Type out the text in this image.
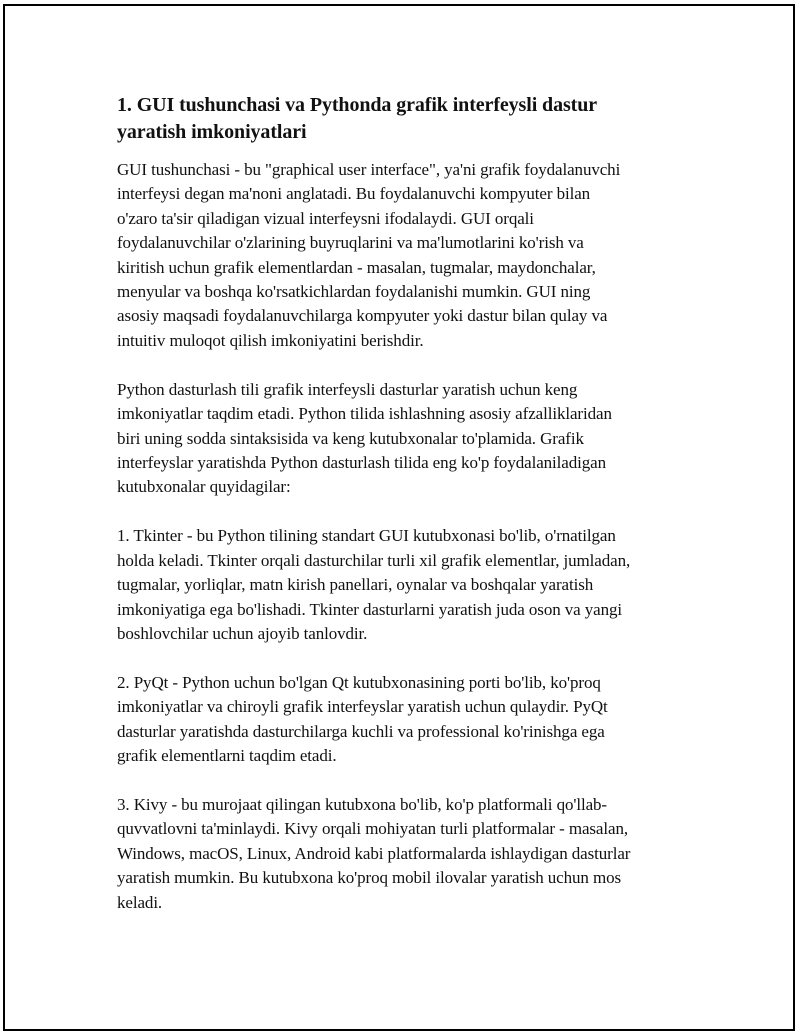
1. GUI tushunchasi va Pythonda grafik interfeysli dastur
yaratish imkoniyatlari
GUI tushunchasi - bu "graphical user interface", ya'ni grafik foydalanuvchi
interfeysi degan ma'noni anglatadi. Bu foydalanuvchi kompyuter bilan
o'zaro ta'sir qiladigan vizual interfeysni ifodalaydi. GUI orqali
foydalanuvchilar o'zlarining buyruqlarini va ma'lumotlarini ko'rish va
kiritish uchun grafik elementlardan - masalan, tugmalar, maydonchalar,
menyular va boshqa ko'rsatkichlardan foydalanishi mumkin. GUI ning
asosiy maqsadi foydalanuvchilarga kompyuter yoki dastur bilan qulay va
intuitiv muloqot qilish imkoniyatini berishdir.
Python dasturlash tili grafik interfeysli dasturlar yaratish uchun keng
imkoniyatlar taqdim etadi. Python tilida ishlashning asosiy afzalliklaridan
biri uning sodda sintaksisida va keng kutubxonalar to'plamida. Grafik
interfeyslar yaratishda Python dasturlash tilida eng ko'p foydalaniladigan
kutubxonalar quyidagilar:
1. Tkinter - bu Python tilining standart GUI kutubxonasi bo'lib, o'rnatilgan
holda keladi. Tkinter orqali dasturchilar turli xil grafik elementlar, jumladan,
tugmalar, yorliqlar, matn kirish panellari, oynalar va boshqalar yaratish
imkoniyatiga ega bo'lishadi. Tkinter dasturlarni yaratish juda oson va yangi
boshlovchilar uchun ajoyib tanlovdir.
2. PyQt - Python uchun bo'lgan Qt kutubxonasining porti bo'lib, ko'proq
imkoniyatlar va chiroyli grafik interfeyslar yaratish uchun qulaydir. PyQt
dasturlar yaratishda dasturchilarga kuchli va professional ko'rinishga ega
grafik elementlarni taqdim etadi.
3. Kivy - bu murojaat qilingan kutubxona bo'lib, ko'p platformali qo'llab-
quvvatlovni ta'minlaydi. Kivy orqali mohiyatan turli platformalar - masalan,
Windows, macOS, Linux, Android kabi platformalarda ishlaydigan dasturlar
yaratish mumkin. Bu kutubxona ko'proq mobil ilovalar yaratish uchun mos
keladi.
